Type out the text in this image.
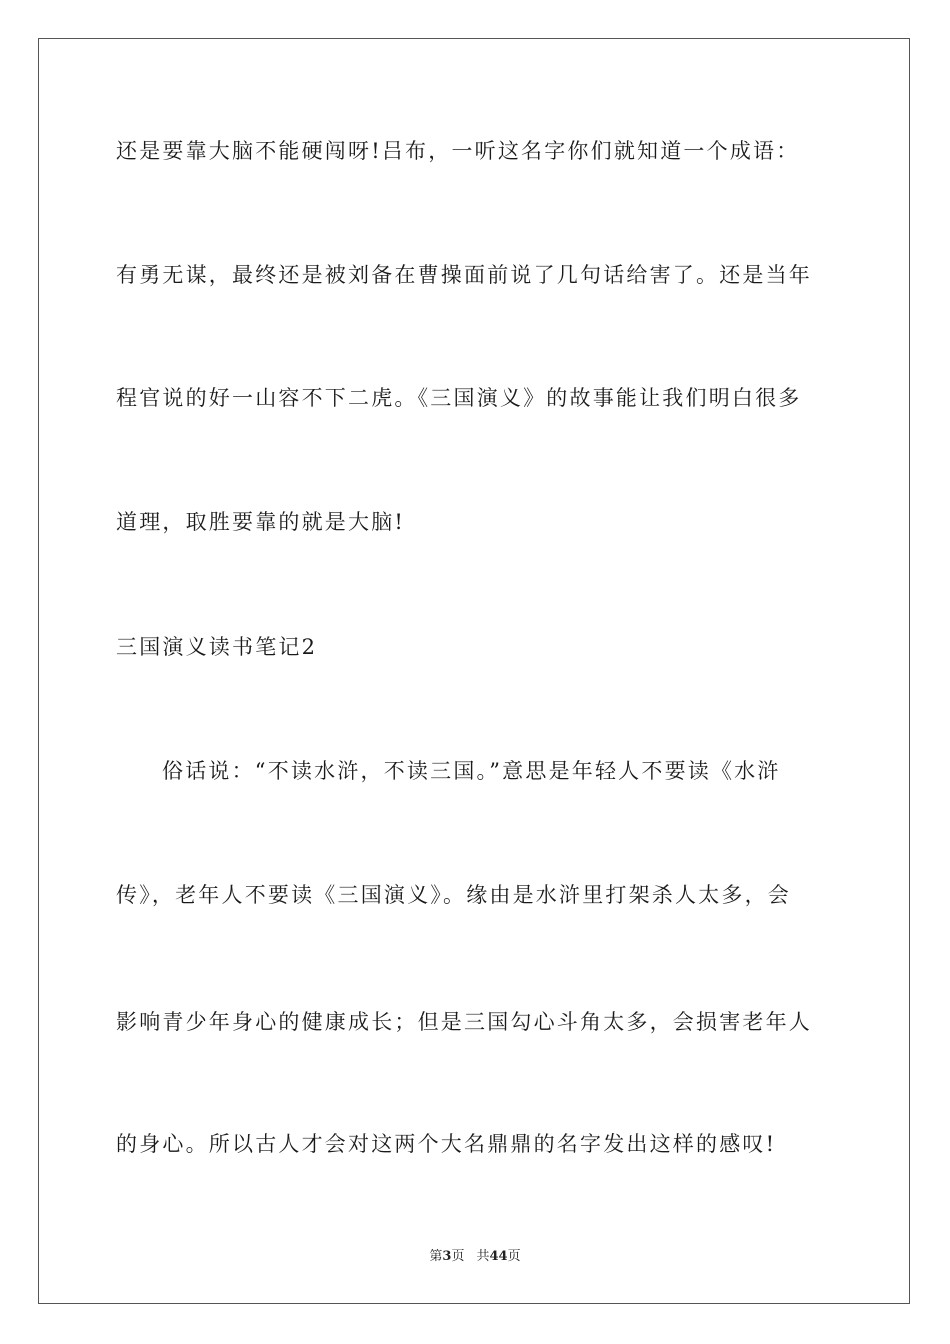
还是要靠大脑不能硬闯呀!吕布，一听这名字你们就知道一个成语：
有勇无谋，最终还是被刘备在曹操面前说了几句话给害了。还是当年
程官说的好一山容不下二虎。《三国演义》的故事能让我们明白很多
道理，取胜要靠的就是大脑!
三国演义读书笔记2
俗话说：“不读水浒，不读三国。”意思是年轻人不要读《水浒
传》，老年人不要读《三国演义》。缘由是水浒里打架杀人太多，会
影响青少年身心的健康成长；但是三国勾心斗角太多，会损害老年人
的身心。所以古人才会对这两个大名鼎鼎的名字发出这样的感叹!
第3页 共44页
